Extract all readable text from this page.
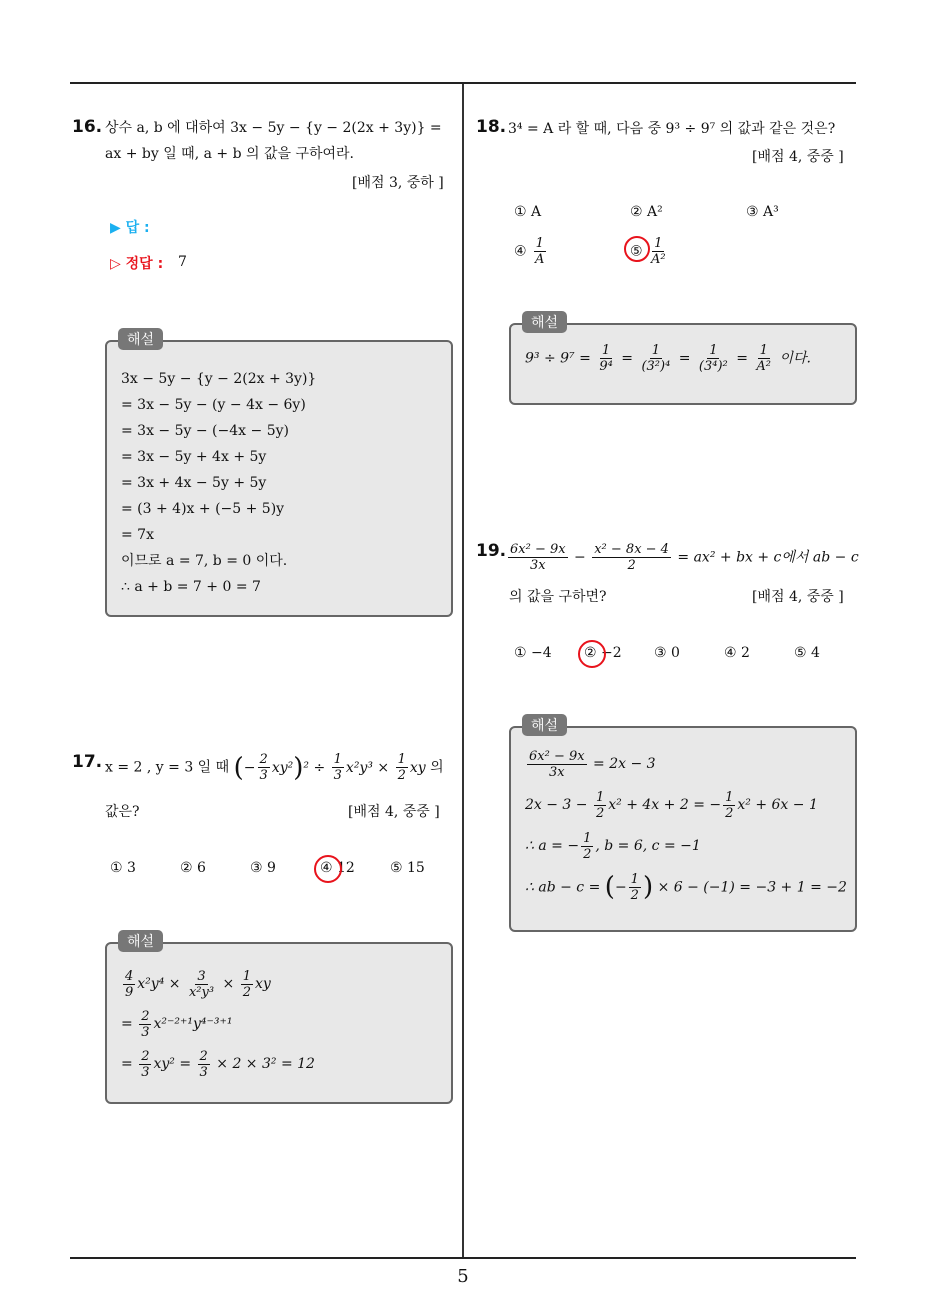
5
16. 상수 a, b 에 대하여 3x − 5y − {y − 2(2x + 3y)} =
ax + by 일 때, a + b 의 값을 구하여라.
[배점 3, 중하 ]
▶ 답 :
▷ 정답 : 7
3x − 5y − {y − 2(2x + 3y)}
= 3x − 5y − (y − 4x − 6y)
= 3x − 5y − (−4x − 5y)
= 3x − 5y + 4x + 5y
= 3x + 4x − 5y + 5y
= (3 + 4)x + (−5 + 5)y
= 7x
이므로 a = 7, b = 0 이다.
∴ a + b = 7 + 0 = 7
해설
17. x = 2 , y = 3 일 때 (− $\frac{2}{3} xy^2)^2 \div \frac{1}{3} x^2y^3 \times \frac{1}{2}$ xy 의
값은?	[배점 4, 중중 ]
① 3	② 6	③ 9	④ 12	⑤ 15
$\frac{4}{9} x^2y^4 \times \frac{3}{\text{x²y³}} \times \frac{1}{2}$ xy
= $\frac{2}{3} x^{2-2+1}y^{4-3+1}$
= $\frac{2}{3} xy^2 = \frac{2}{3} \times 2 \times 3^2 = 12$
해설
18. 3⁴ = A 라 할 때, 다음 중 9³ ÷ 9⁷ 의 값과 같은 것은?
[배점 4, 중중 ]
① A	② A²	③ A³
④ $\frac{1}{A}$	⑤ $\frac{1}{\text{A²}}$
$9^3 \div 9^7 = \frac{1}{\text{9⁴}} = \frac{1}{\text{(3²)⁴}} = \frac{1}{\text{(3⁴)²}} = \frac{1}{\text{A²}}$ 이다.
해설
19. $\frac{\text{6x² − 9x}}{3x} - \frac{\text{x² − 8x − 4}}{2} = ax^2$ + bx + c에서 ab − c
의 값을 구하면?	[배점 4, 중중 ]
① −4 ② −2 ③ 0	④ 2	⑤ 4
$\frac{\text{6x² − 9x}}{3x} = 2x - 3$
$2x - 3 - \frac{1}{2} x^2 + 4x + 2$ = − $\frac{1}{2} x^2 + 6x - 1$
∴ a = − $\frac{1}{2}$ , b = 6, c = −1
∴ ab − c = (− $\frac{1}{2}$ ) × 6 − (−1) = −3 + 1 = −2
해설
